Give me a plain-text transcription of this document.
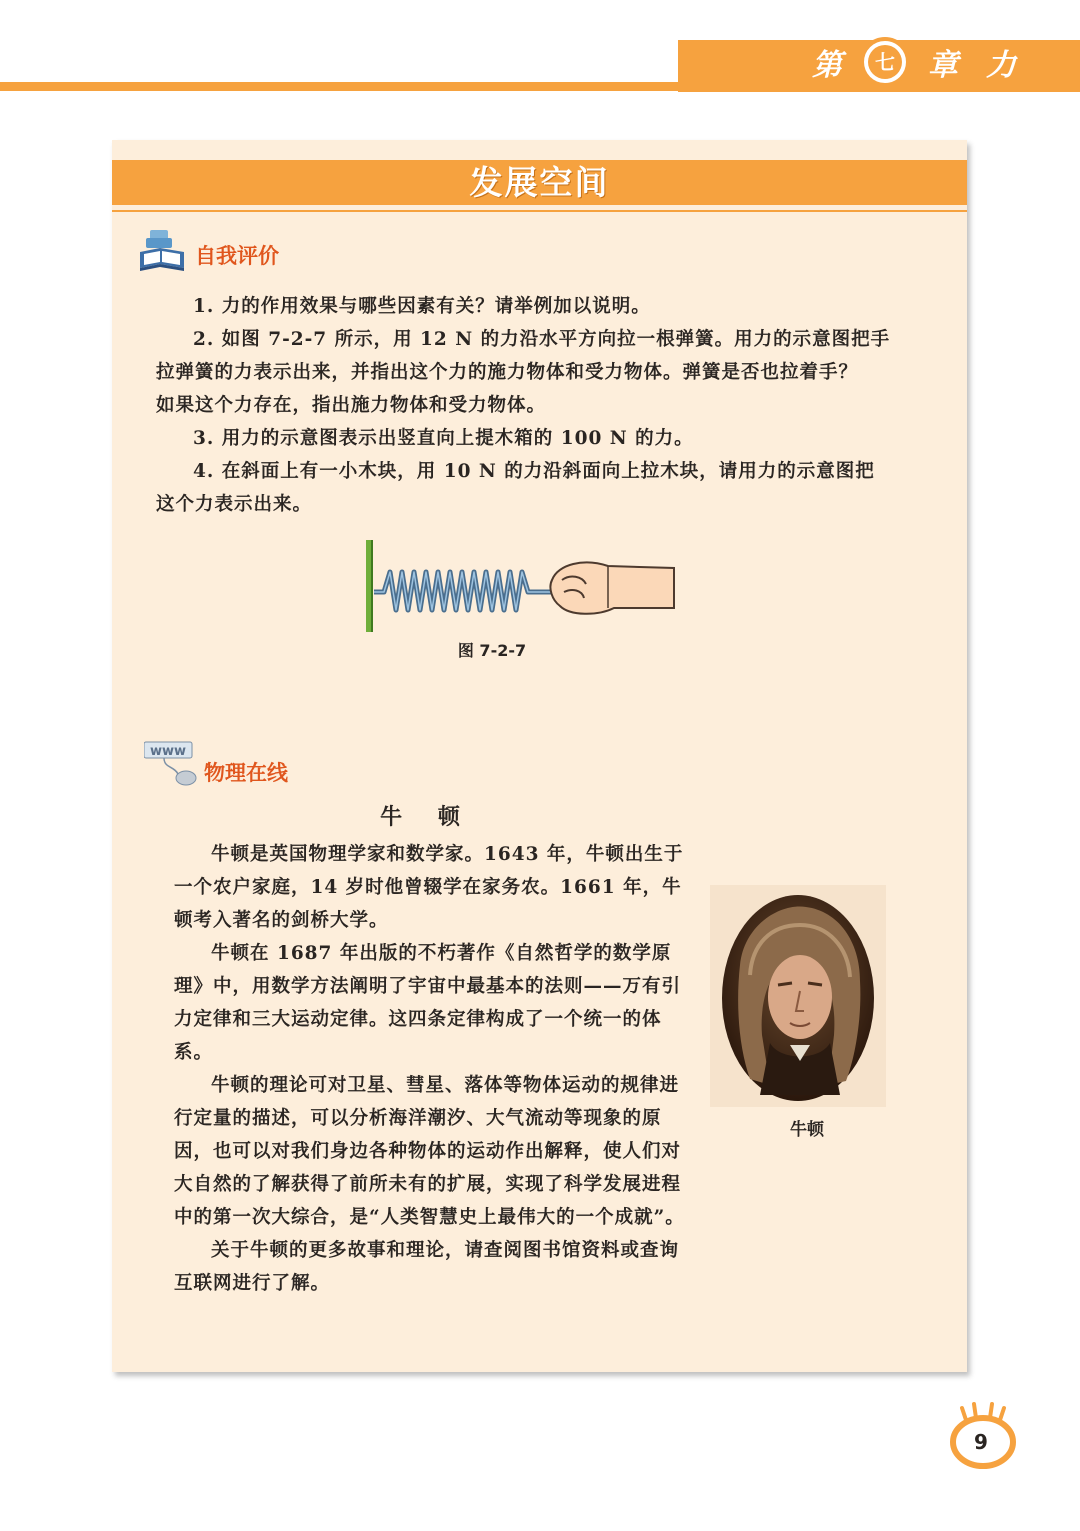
第	七 章 力
发展空间
自我评价

1. 力的作用效果与哪些因素有关？请举例加以说明。

2. 如图 7-2-7 所示，用 12 N 的力沿水平方向拉一根弹簧。用力的示意图把手

拉弹簧的力表示出来，并指出这个力的施力物体和受力物体。弹簧是否也拉着手？

如果这个力存在，指出施力物体和受力物体。

3. 用力的示意图表示出竖直向上提木箱的 100 N 的力。

4. 在斜面上有一小木块，用 10 N 的力沿斜面向上拉木块，请用力的示意图把

这个力表示出来。

图 7-2-7
www
物理在线
牛 顿

牛顿是英国物理学家和数学家。1643 年，牛顿出生于一个农户家庭，14 岁时他曾辍学在家务农。1661 年，牛顿考入著名的剑桥大学。

牛顿在 1687 年出版的不朽著作《自然哲学的数学原理》中，用数学方法阐明了宇宙中最基本的法则——万有引力定律和三大运动定律。这四条定律构成了一个统一的体系。

牛顿的理论可对卫星、彗星、落体等物体运动的规律进行定量的描述，可以分析海洋潮汐、大气流动等现象的原因，也可以对我们身边各种物体的运动作出解释，使人们对大自然的了解获得了前所未有的扩展，实现了科学发展进程中的第一次大综合，是“人类智慧史上最伟大的一个成就”。

关于牛顿的更多故事和理论，请查阅图书馆资料或查询互联网进行了解。

牛顿
9
